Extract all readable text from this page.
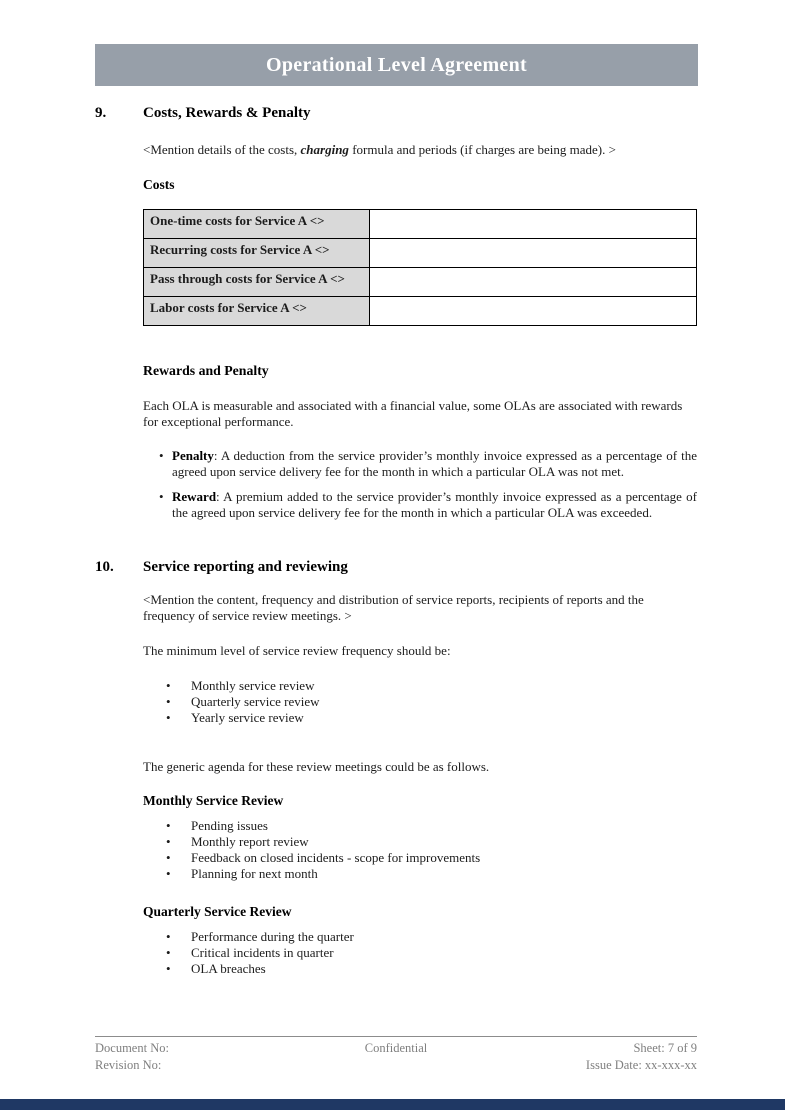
Operational Level Agreement
9.	Costs, Rewards & Penalty

<Mention details of the costs, charging formula and periods (if charges are being made). >

Costs
One-time costs for Service A <>	
Recurring costs for Service A <>	
Pass through costs for Service A <>	
Labor costs for Service A <>	
Rewards and Penalty

Each OLA is measurable and associated with a financial value, some OLAs are associated with rewards for exceptional performance.

• Penalty: A deduction from the service provider’s monthly invoice expressed as a percentage of the agreed upon service delivery fee for the month in which a particular OLA was not met.

• Reward: A premium added to the service provider’s monthly invoice expressed as a percentage of the agreed upon service delivery fee for the month in which a particular OLA was exceeded.

10.	Service reporting and reviewing

<Mention the content, frequency and distribution of service reports, recipients of reports and the frequency of service review meetings. >

The minimum level of service review frequency should be:

•	Monthly service review

•	Quarterly service review

•	Yearly service review

The generic agenda for these review meetings could be as follows.

Monthly Service Review
•	Pending issues

•	Monthly report review

•	Feedback on closed incidents - scope for improvements

•	Planning for next month

Quarterly Service Review
•	Performance during the quarter

•	Critical incidents in quarter

•	OLA breaches

Document No:
Revision No:
Confidential	Sheet: 7 of 9
Issue Date: xx-xxx-xx
